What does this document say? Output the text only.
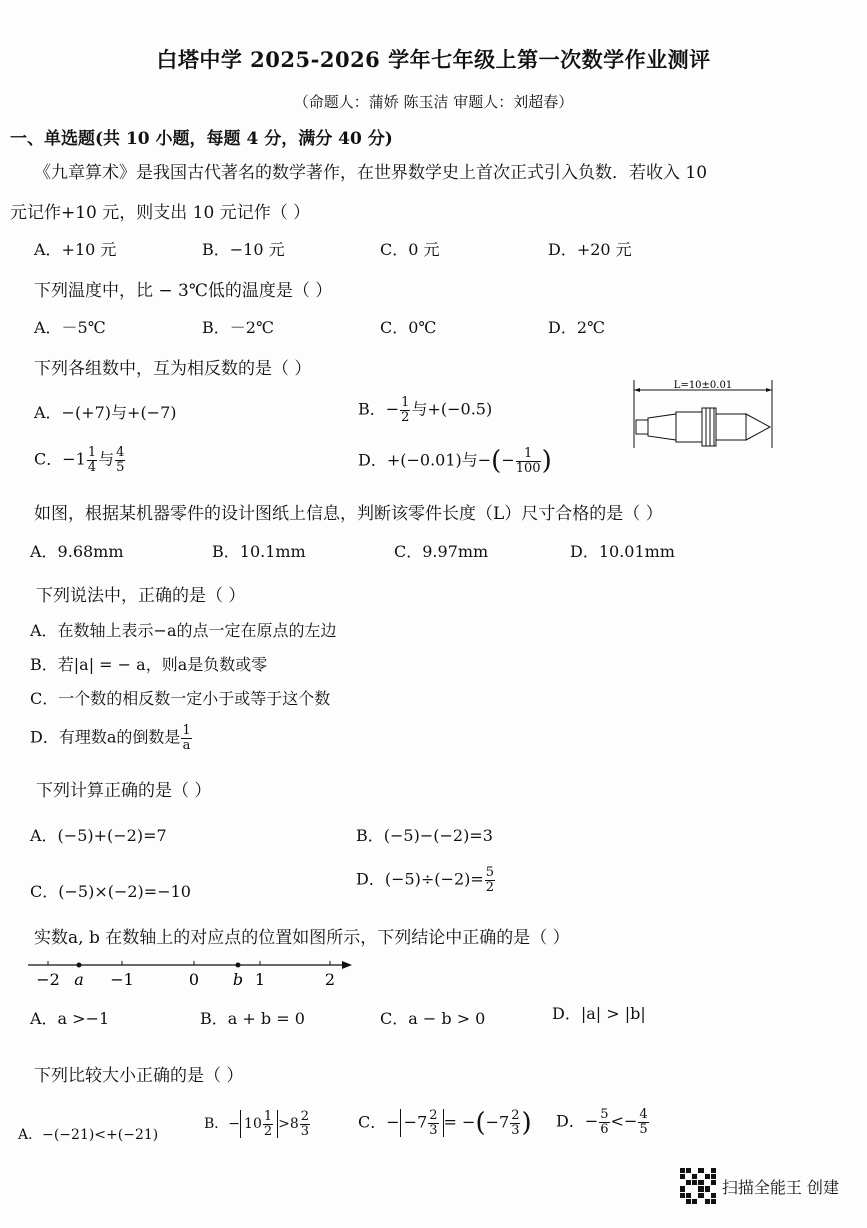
白塔中学 2025-2026 学年七年级上第一次数学作业测评
（命题人：蒲娇 陈玉洁 审题人：刘超春）
一、单选题(共 10 小题，每题 4 分，满分 40 分)
《九章算术》是我国古代著名的数学著作，在世界数学史上首次正式引入负数．若收入 10
元记作+10 元，则支出 10 元记作（ ）
A．+10 元	B．−10 元	C．0 元	D．+20 元
下列温度中，比 − 3℃低的温度是（ ）
A．－5℃	B．－2℃	C．0℃	D．2℃
下列各组数中，互为相反数的是（ ）
A．−(+7)与+(−7)	B．− $\frac{1}{2}$ 与+(−0.5)
C．$-1 \frac{1}{4}$ 与 $\frac{4}{5}$	D．+(−0.01)与−(− $\frac{1}{100}$ )
L=10±0.01
如图，根据某机器零件的设计图纸上信息，判断该零件长度（L）尺寸合格的是（ ）
A．9.68mm	B．10.1mm	C．9.97mm	D．10.01mm
下列说法中，正确的是（ ）
A．在数轴上表示−a的点一定在原点的左边
B．若|a| = − a，则a是负数或零
C．一个数的相反数一定小于或等于这个数
D．有理数a的倒数是 $\frac{1}{a}$
下列计算正确的是（ ）
A．(−5)+(−2)=7	B．(−5)−(−2)=3
C．(−5)×(−2)=−10
D．$(-5)\div(-2)= \frac{5}{2}$
实数a, b 在数轴上的对应点的位置如图所示，下列结论中正确的是（ ）
−2	−1	0	1	2
a	b
A．a >−1	B．a + b = 0	C．a − b > 0	D．|a| > |b|
下列比较大小正确的是（ ）
A．−(−21)<+(−21)
B．− $10 \frac{1}{2} >8 \frac{2}{3}$	C．− $-7 \frac{2}{3} = -(-7 \frac{2}{3}$ ) D．− $\frac{5}{6} <- \frac{4}{5}$
扫描全能王 创建
